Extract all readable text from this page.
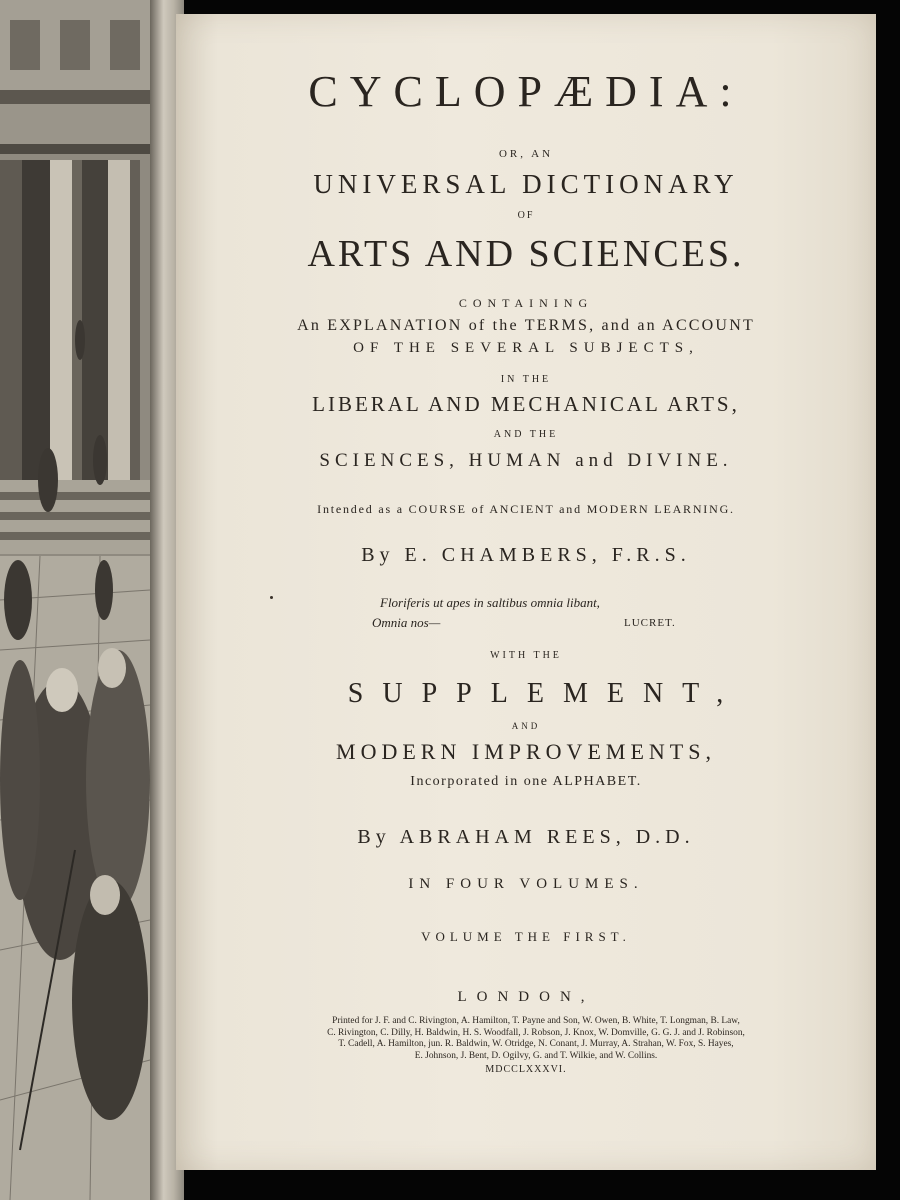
CYCLOPÆDIA:
OR, AN
UNIVERSAL DICTIONARY
OF
ARTS AND SCIENCES.
CONTAINING
An EXPLANATION of the TERMS, and an ACCOUNT
OF THE SEVERAL SUBJECTS,
IN THE
LIBERAL AND MECHANICAL ARTS,
AND THE
SCIENCES, HUMAN and DIVINE.
Intended as a COURSE of ANCIENT and MODERN LEARNING.
By E. CHAMBERS, F.R.S.
Floriferis ut apes in saltibus omnia libant,
Omnia nos—	LUCRET.
WITH THE
SUPPLEMENT,
AND
MODERN IMPROVEMENTS,
Incorporated in one ALPHABET.
By ABRAHAM REES, D.D.
IN FOUR VOLUMES.
VOLUME THE FIRST.
LONDON,
Printed for J. F. and C. Rivington, A. Hamilton, T. Payne and Son, W. Owen, B. White, T. Longman, B. Law,
C. Rivington, C. Dilly, H. Baldwin, H. S. Woodfall, J. Robson, J. Knox, W. Domville, G. G. J. and J. Robinson,
T. Cadell, A. Hamilton, jun. R. Baldwin, W. Otridge, N. Conant, J. Murray, A. Strahan, W. Fox, S. Hayes,
E. Johnson, J. Bent, D. Ogilvy, G. and T. Wilkie, and W. Collins.
MDCCLXXXVI.
